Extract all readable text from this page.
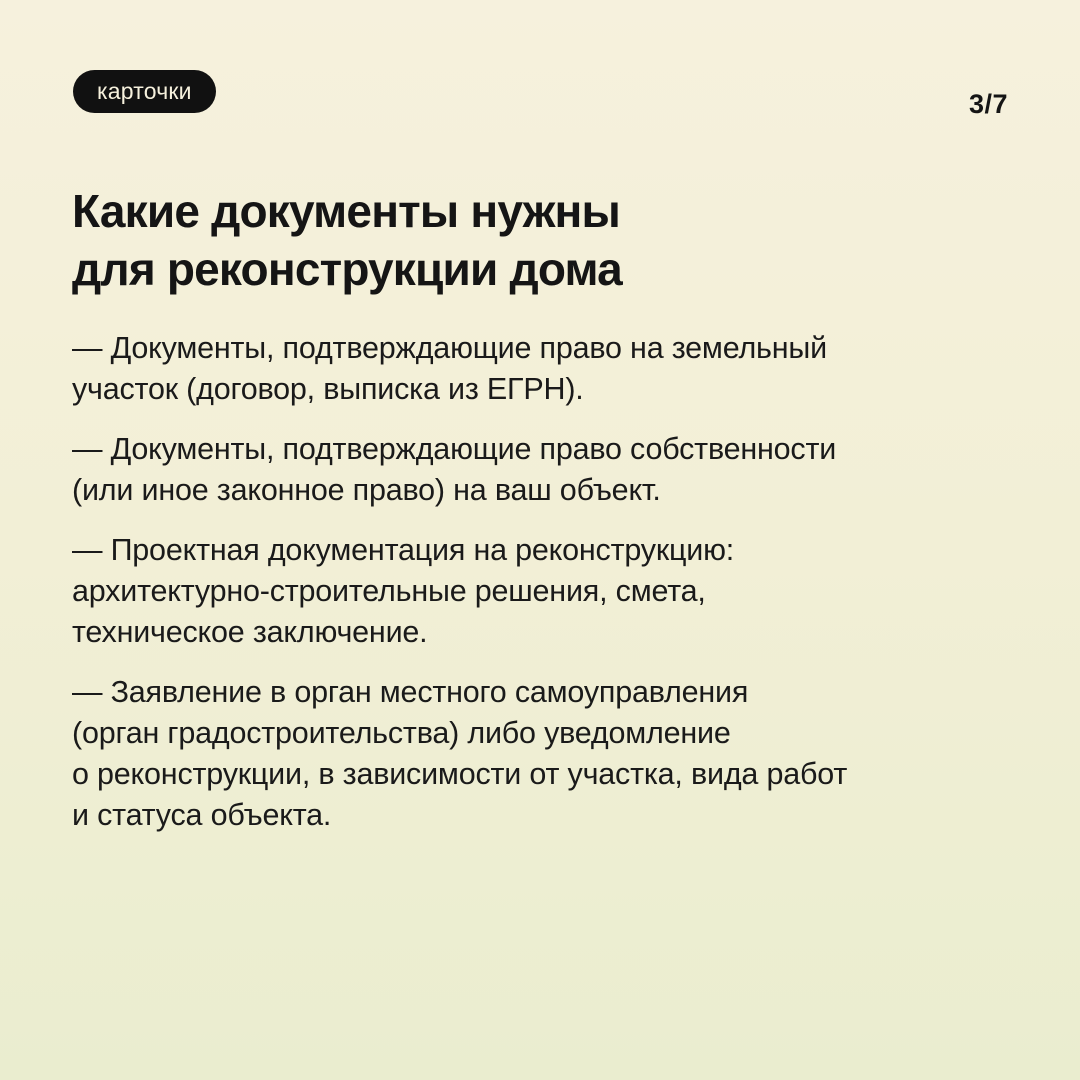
карточки	3/7
Какие документы нужны
для реконструкции дома
— Документы, подтверждающие право на земельный
участок (договор, выписка из ЕГРН).
— Документы, подтверждающие право собственности
(или иное законное право) на ваш объект.
— Проектная документация на реконструкцию:
архитектурно-строительные решения, смета,
техническое заключение.
— Заявление в орган местного самоуправления
(орган градостроительства) либо уведомление
о реконструкции, в зависимости от участка, вида работ
и статуса объекта.
